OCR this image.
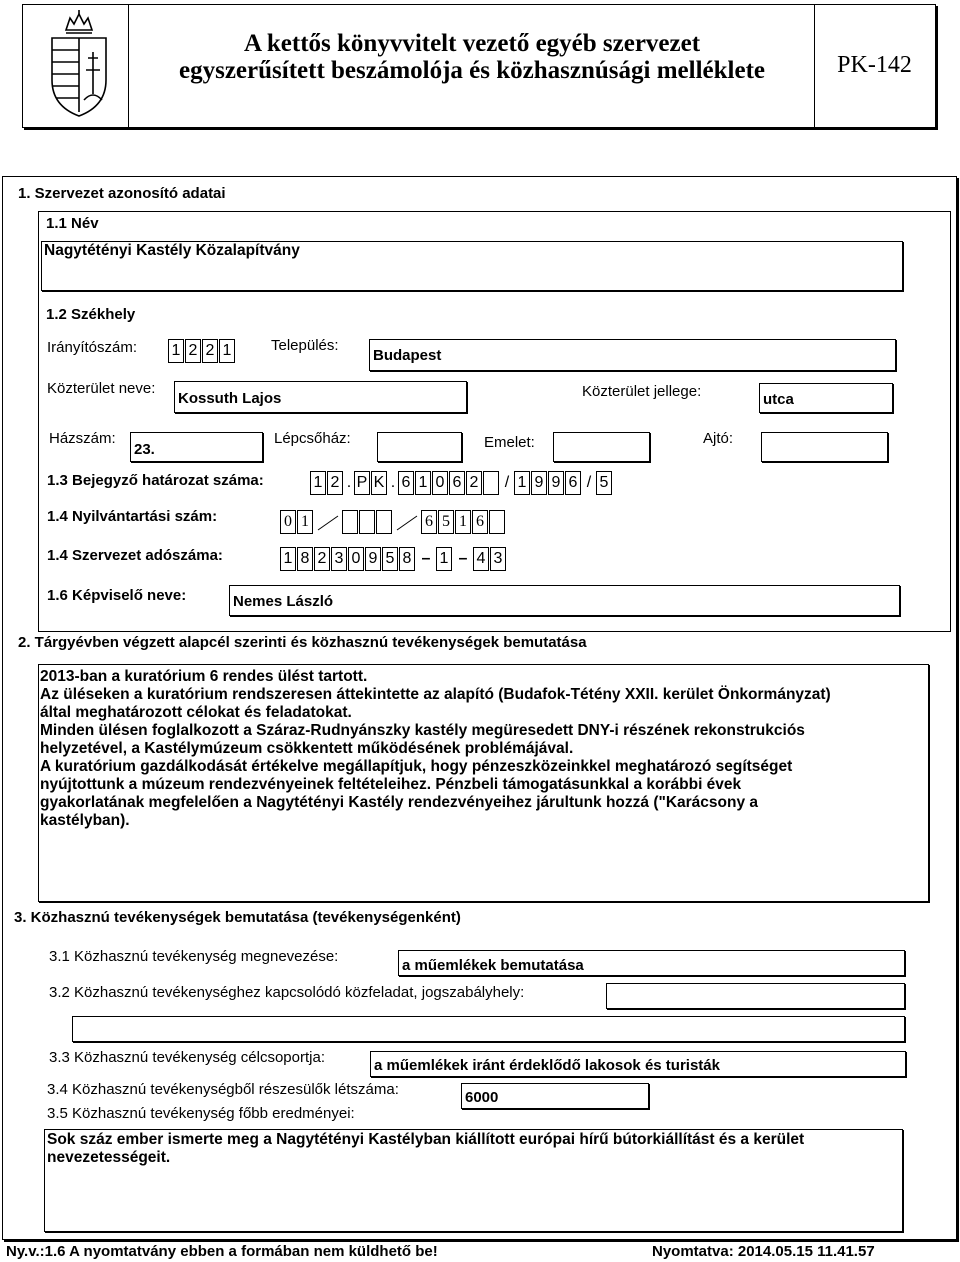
A kettős könyvvitelt vezető egyéb szervezet
egyszerűsített beszámolója és közhasznúsági melléklete	PK-142
1. Szervezet azonosító adatai
1.1 Név
Nagytétényi Kastély Közalapítvány
1.2 Székhely
Irányítószám: 1 2 2 1	Település:
Budapest
Közterület neve:
Kossuth Lajos	Közterület jellege:	utca
Házszám:
23.
Lépcsőház:	Emelet:	Ajtó:
1.3 Bejegyző határozat száma:	1 2 . P K . 6 1 0 6 2 / 1 9 9 6 / 5
1.4 Nyilvántartási szám:	0 1	6 5 1 6
1.4 Szervezet adószáma:	1 8 2 3 0 9 5 8 – 1 – 4 3
1.6 Képviselő neve:	Nemes László
2. Tárgyévben végzett alapcél szerinti és közhasznú tevékenységek bemutatása
2013-ban a kuratórium 6 rendes ülést tartott.
Az üléseken a kuratórium rendszeresen áttekintette az alapító (Budafok-Tétény XXII. kerület Önkormányzat)
által meghatározott célokat és feladatokat.
Minden ülésen foglalkozott a Száraz-Rudnyánszky kastély megüresedett DNY-i részének rekonstrukciós
helyzetével, a Kastélymúzeum csökkentett működésének problémájával.
A kuratórium gazdálkodását értékelve megállapítjuk, hogy pénzeszközeinkkel meghatározó segítséget
nyújtottunk a múzeum rendezvényeinek feltételeihez. Pénzbeli támogatásunkkal a korábbi évek
gyakorlatának megfelelően a Nagytétényi Kastély rendezvényeihez járultunk hozzá ("Karácsony a
kastélyban).
3. Közhasznú tevékenységek bemutatása (tevékenységenként)
3.1 Közhasznú tevékenység megnevezése:
a műemlékek bemutatása
3.2 Közhasznú tevékenységhez kapcsolódó közfeladat, jogszabályhely:
3.3 Közhasznú tevékenység célcsoportja:	a műemlékek iránt érdeklődő lakosok és turisták
3.4 Közhasznú tevékenységből részesülők létszáma:	6000
3.5 Közhasznú tevékenység főbb eredményei:
Sok száz ember ismerte meg a Nagytétényi Kastélyban kiállított európai hírű bútorkiállítást és a kerület
nevezetességeit.
Ny.v.:1.6 A nyomtatvány ebben a formában nem küldhető be!	Nyomtatva: 2014.05.15 11.41.57
